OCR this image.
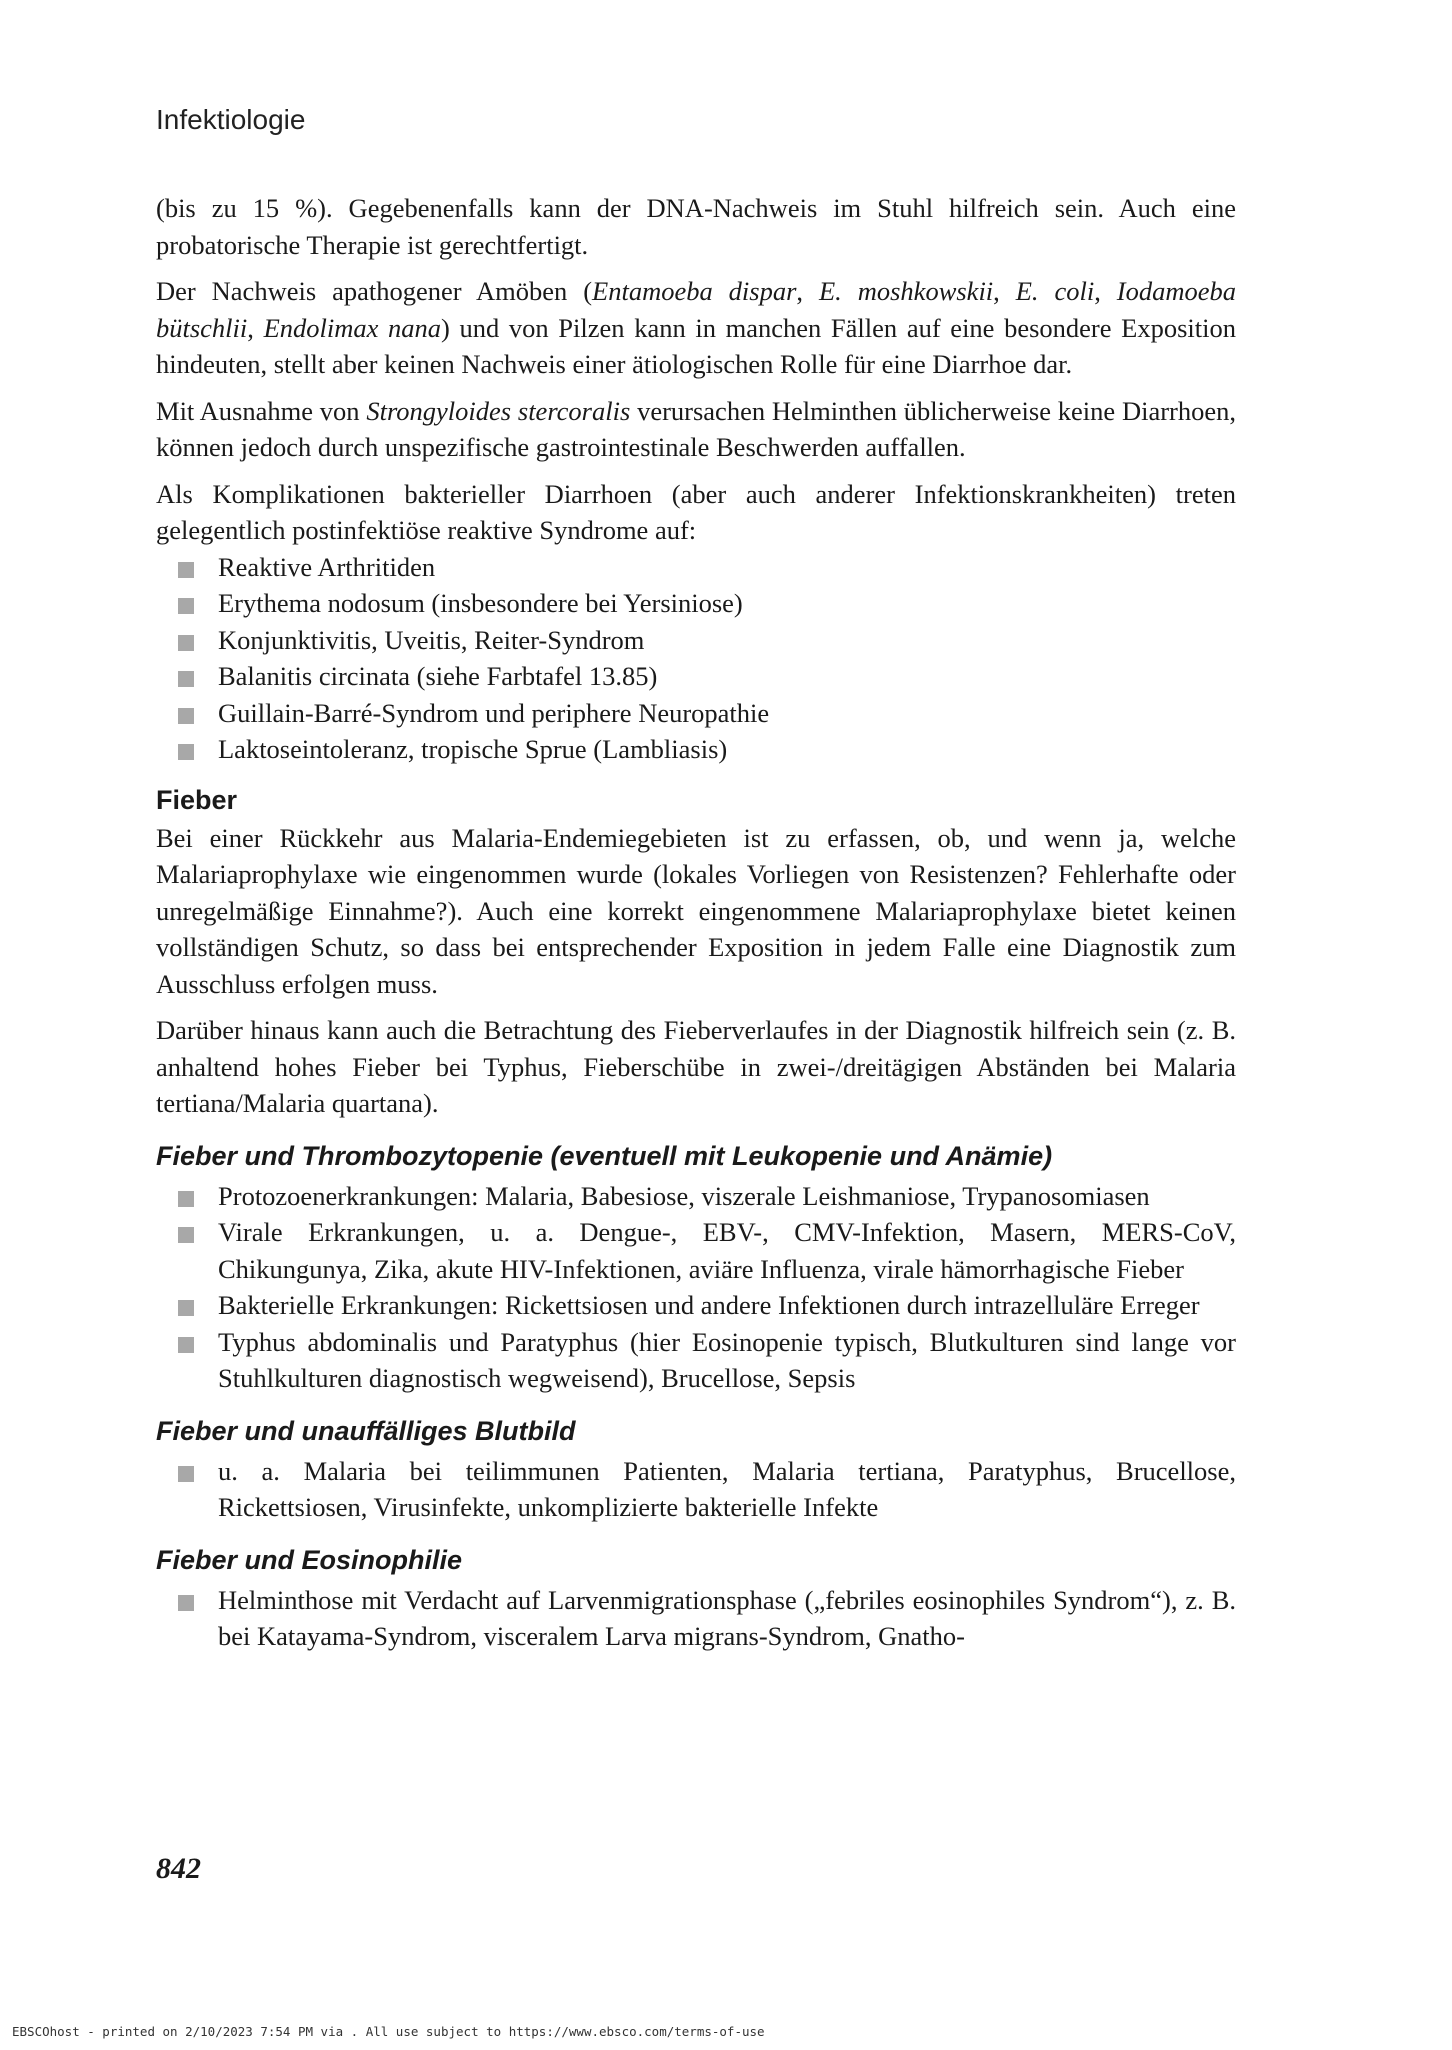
Infektiologie

(bis zu 15 %). Gegebenenfalls kann der DNA-Nachweis im Stuhl hilfreich sein. Auch eine probatorische Therapie ist gerechtfertigt.

Der Nachweis apathogener Amöben (Entamoeba dispar, E. moshkowskii, E. coli, Iodamoeba bütschlii, Endolimax nana) und von Pilzen kann in manchen Fällen auf eine besondere Exposition hindeuten, stellt aber keinen Nachweis einer ätiologischen Rolle für eine Diarrhoe dar.

Mit Ausnahme von Strongyloides stercoralis verursachen Helminthen üblicherweise keine Diarrhoen, können jedoch durch unspezifische gastrointestinale Beschwerden auffallen.

Als Komplikationen bakterieller Diarrhoen (aber auch anderer Infektionskrankheiten) treten gelegentlich postinfektiöse reaktive Syndrome auf:

Reaktive Arthritiden
Erythema nodosum (insbesondere bei Yersiniose)
Konjunktivitis, Uveitis, Reiter-Syndrom
Balanitis circinata (siehe Farbtafel 13.85)
Guillain-Barré-Syndrom und periphere Neuropathie
Laktoseintoleranz, tropische Sprue (Lambliasis)
Fieber

Bei einer Rückkehr aus Malaria-Endemiegebieten ist zu erfassen, ob, und wenn ja, welche Malariaprophylaxe wie eingenommen wurde (lokales Vorliegen von Resistenzen? Fehlerhafte oder unregelmäßige Einnahme?). Auch eine korrekt eingenommene Malariaprophylaxe bietet keinen vollständigen Schutz, so dass bei entsprechender Exposition in jedem Falle eine Diagnostik zum Ausschluss erfolgen muss.

Darüber hinaus kann auch die Betrachtung des Fieberverlaufes in der Diagnostik hilfreich sein (z. B. anhaltend hohes Fieber bei Typhus, Fieberschübe in zwei-/dreitägigen Abständen bei Malaria tertiana/Malaria quartana).

Fieber und Thrombozytopenie (eventuell mit Leukopenie und Anämie)
Protozoenerkrankungen: Malaria, Babesiose, viszerale Leishmaniose, Trypanosomiasen
Virale Erkrankungen, u. a. Dengue-, EBV-, CMV-Infektion, Masern, MERS-CoV, Chikungunya, Zika, akute HIV-Infektionen, aviäre Influenza, virale hämorrhagische Fieber
Bakterielle Erkrankungen: Rickettsiosen und andere Infektionen durch intrazelluläre Erreger
Typhus abdominalis und Paratyphus (hier Eosinopenie typisch, Blutkulturen sind lange vor Stuhlkulturen diagnostisch wegweisend), Brucellose, Sepsis
Fieber und unauffälliges Blutbild
u. a. Malaria bei teilimmunen Patienten, Malaria tertiana, Paratyphus, Brucellose, Rickettsiosen, Virusinfekte, unkomplizierte bakterielle Infekte
Fieber und Eosinophilie
Helminthose mit Verdacht auf Larvenmigrationsphase („febriles eosinophiles Syndrom“), z. B. bei Katayama-Syndrom, visceralem Larva migrans-Syndrom, Gnatho-
842
EBSCOhost - printed on 2/10/2023 7:54 PM via . All use subject to https://www.ebsco.com/terms-of-use
